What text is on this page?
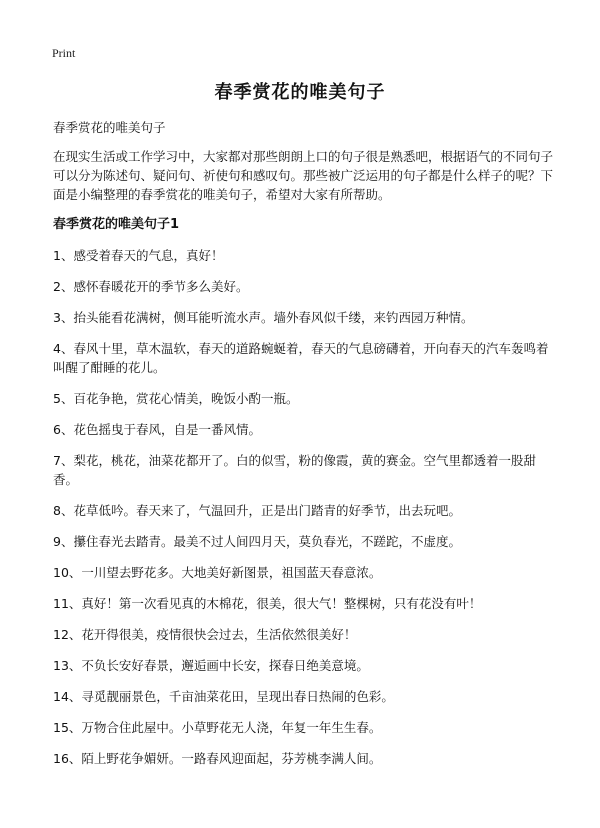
Print
春季赏花的唯美句子

春季赏花的唯美句子

在现实生活或工作学习中，大家都对那些朗朗上口的句子很是熟悉吧，根据语气的不同句子可以分为陈述句、疑问句、祈使句和感叹句。那些被广泛运用的句子都是什么样子的呢？下面是小编整理的春季赏花的唯美句子，希望对大家有所帮助。

春季赏花的唯美句子1

1、感受着春天的气息，真好！

2、感怀春暖花开的季节多么美好。

3、抬头能看花满树，侧耳能听流水声。墙外春风似千缕，来钓西园万种情。

4、春风十里，草木温软，春天的道路蜿蜒着，春天的气息磅礴着，开向春天的汽车轰鸣着叫醒了酣睡的花儿。

5、百花争艳，赏花心情美，晚饭小酌一瓶。

6、花色摇曳于春风，自是一番风情。

7、梨花，桃花，油菜花都开了。白的似雪，粉的像霞，黄的赛金。空气里都透着一股甜香。

8、花草低吟。春天来了，气温回升，正是出门踏青的好季节，出去玩吧。

9、攥住春光去踏青。最美不过人间四月天，莫负春光，不蹉跎，不虚度。

10、一川望去野花多。大地美好新图景，祖国蓝天春意浓。

11、真好！第一次看见真的木棉花，很美，很大气！整棵树，只有花没有叶！

12、花开得很美，疫情很快会过去，生活依然很美好！

13、不负长安好春景，邂逅画中长安，探春日绝美意境。

14、寻觅靓丽景色，千亩油菜花田，呈现出春日热闹的色彩。

15、万物合住此屋中。小草野花无人浇，年复一年生生春。

16、陌上野花争媚妍。一路春风迎面起，芬芳桃李满人间。
